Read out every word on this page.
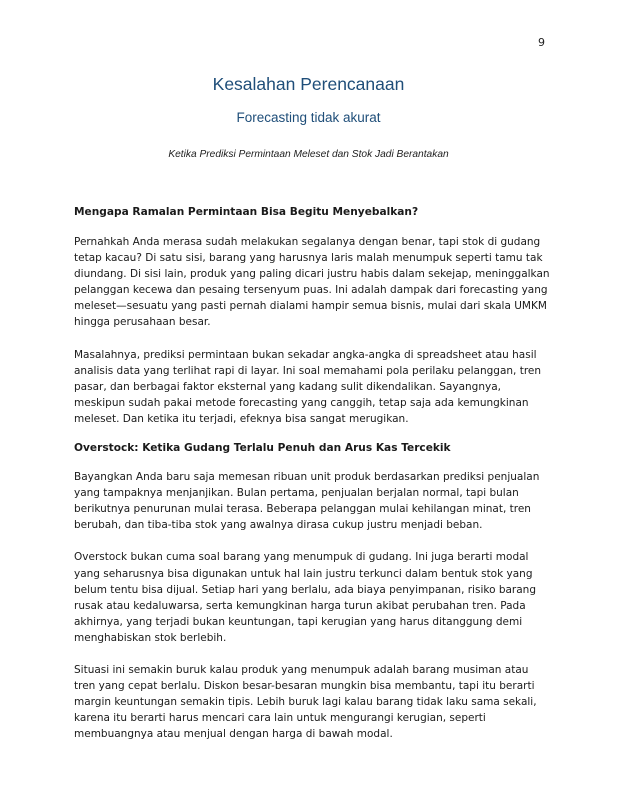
9
Kesalahan Perencanaan
Forecasting tidak akurat
Ketika Prediksi Permintaan Meleset dan Stok Jadi Berantakan
Mengapa Ramalan Permintaan Bisa Begitu Menyebalkan?

Pernahkah Anda merasa sudah melakukan segalanya dengan benar, tapi stok di gudang tetap kacau? Di satu sisi, barang yang harusnya laris malah menumpuk seperti tamu tak diundang. Di sisi lain, produk yang paling dicari justru habis dalam sekejap, meninggalkan pelanggan kecewa dan pesaing tersenyum puas. Ini adalah dampak dari forecasting yang meleset—sesuatu yang pasti pernah dialami hampir semua bisnis, mulai dari skala UMKM hingga perusahaan besar.

Masalahnya, prediksi permintaan bukan sekadar angka-angka di spreadsheet atau hasil analisis data yang terlihat rapi di layar. Ini soal memahami pola perilaku pelanggan, tren pasar, dan berbagai faktor eksternal yang kadang sulit dikendalikan. Sayangnya, meskipun sudah pakai metode forecasting yang canggih, tetap saja ada kemungkinan meleset. Dan ketika itu terjadi, efeknya bisa sangat merugikan.

Overstock: Ketika Gudang Terlalu Penuh dan Arus Kas Tercekik

Bayangkan Anda baru saja memesan ribuan unit produk berdasarkan prediksi penjualan yang tampaknya menjanjikan. Bulan pertama, penjualan berjalan normal, tapi bulan berikutnya penurunan mulai terasa. Beberapa pelanggan mulai kehilangan minat, tren berubah, dan tiba-tiba stok yang awalnya dirasa cukup justru menjadi beban.

Overstock bukan cuma soal barang yang menumpuk di gudang. Ini juga berarti modal yang seharusnya bisa digunakan untuk hal lain justru terkunci dalam bentuk stok yang belum tentu bisa dijual. Setiap hari yang berlalu, ada biaya penyimpanan, risiko barang rusak atau kedaluwarsa, serta kemungkinan harga turun akibat perubahan tren. Pada akhirnya, yang terjadi bukan keuntungan, tapi kerugian yang harus ditanggung demi menghabiskan stok berlebih.

Situasi ini semakin buruk kalau produk yang menumpuk adalah barang musiman atau tren yang cepat berlalu. Diskon besar-besaran mungkin bisa membantu, tapi itu berarti margin keuntungan semakin tipis. Lebih buruk lagi kalau barang tidak laku sama sekali, karena itu berarti harus mencari cara lain untuk mengurangi kerugian, seperti membuangnya atau menjual dengan harga di bawah modal.
